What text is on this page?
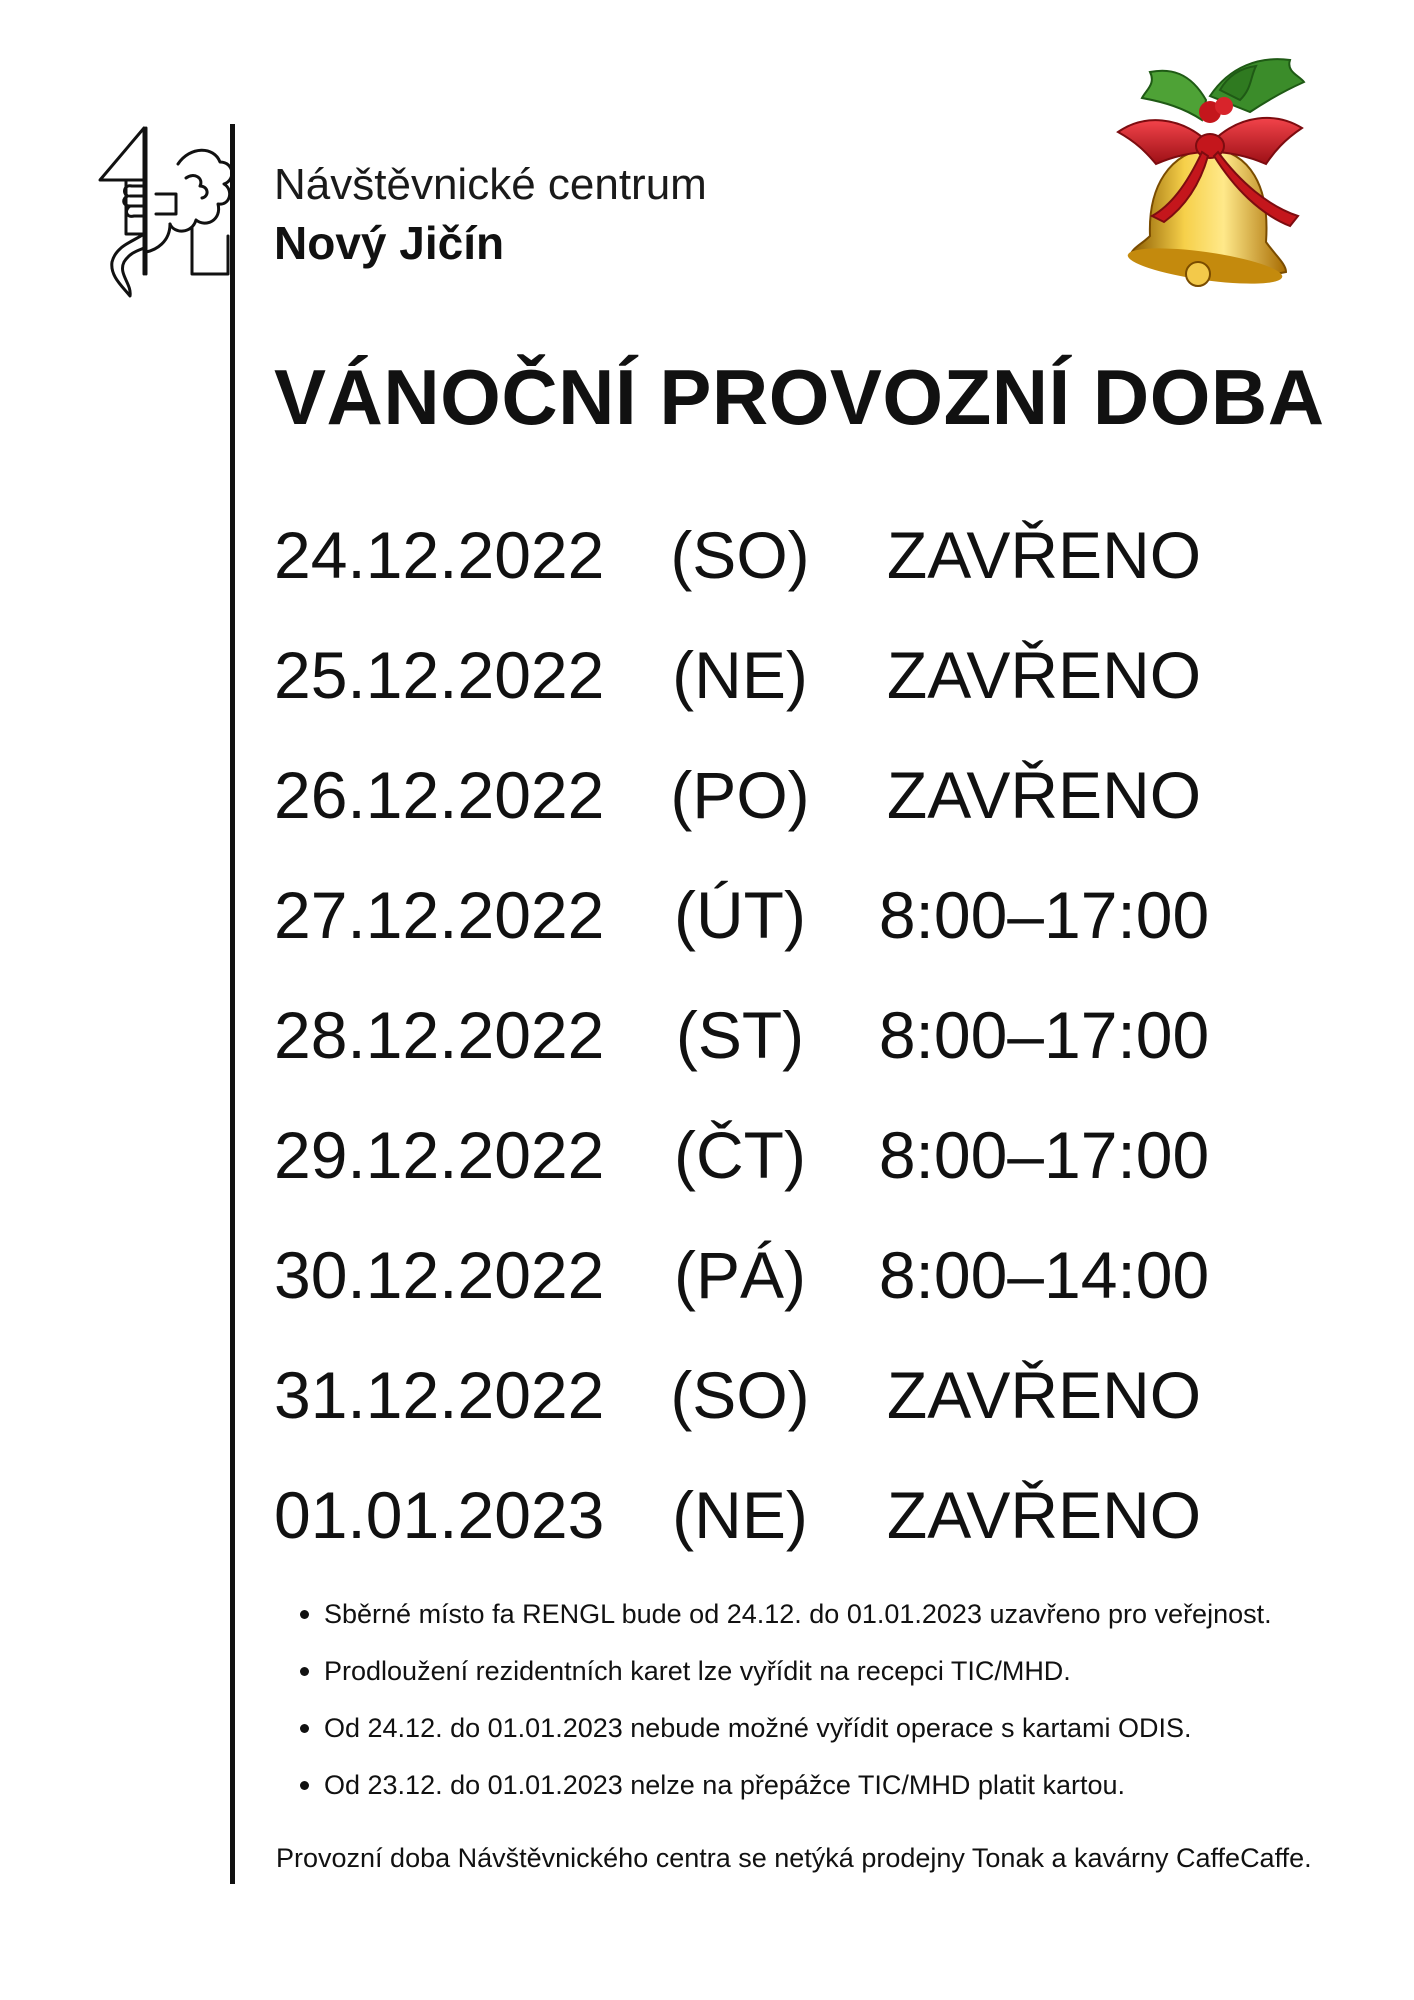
Návštěvnické centrum
Nový Jičín
VÁNOČNÍ PROVOZNÍ DOBA
24.12.2022 (SO)	ZAVŘENO
25.12.2022 (NE)	ZAVŘENO
26.12.2022 (PO)	ZAVŘENO
27.12.2022 (ÚT)	8:00–17:00
28.12.2022 (ST)	8:00–17:00
29.12.2022 (ČT)	8:00–17:00
30.12.2022 (PÁ)	8:00–14:00
31.12.2022 (SO)	ZAVŘENO
01.01.2023 (NE)	ZAVŘENO
Sběrné místo fa RENGL bude od 24.12. do 01.01.2023 uzavřeno pro veřejnost.
Prodloužení rezidentních karet lze vyřídit na recepci TIC/MHD.
Od 24.12. do 01.01.2023 nebude možné vyřídit operace s kartami ODIS.
Od 23.12. do 01.01.2023 nelze na přepážce TIC/MHD platit kartou.
Provozní doba Návštěvnického centra se netýká prodejny Tonak a kavárny CaffeCaffe.
